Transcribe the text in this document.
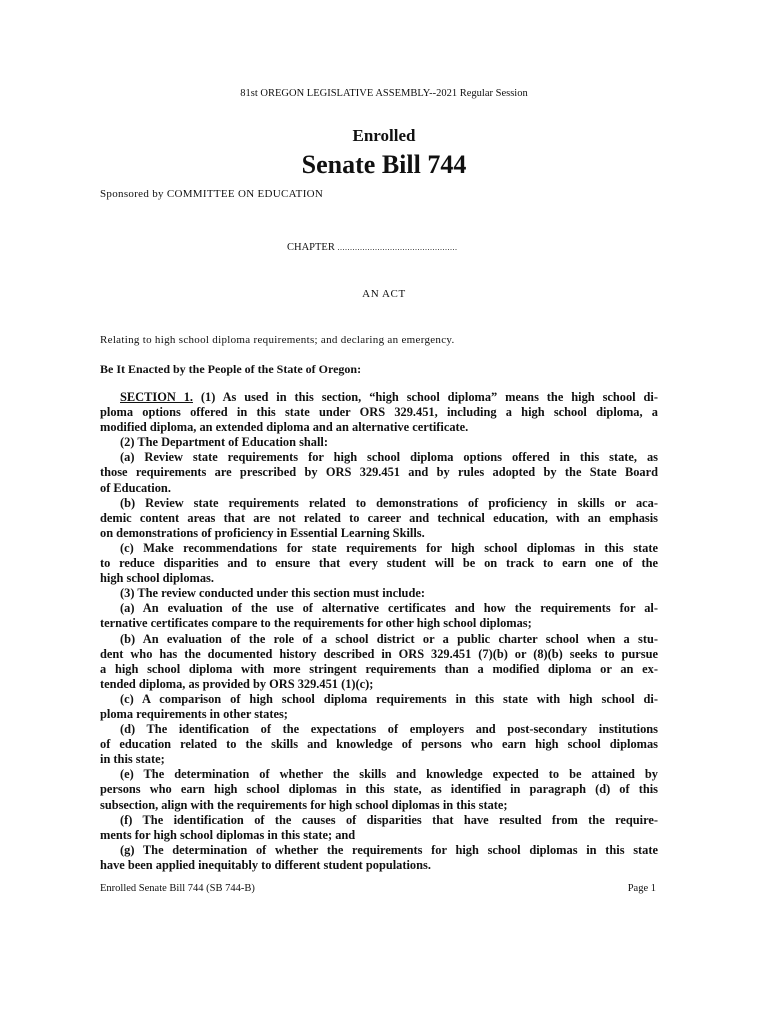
81st OREGON LEGISLATIVE ASSEMBLY--2021 Regular Session
Enrolled
Senate Bill 744
Sponsored by COMMITTEE ON EDUCATION
CHAPTER ................................................
AN ACT
Relating to high school diploma requirements; and declaring an emergency.
Be It Enacted by the People of the State of Oregon:
SECTION 1. (1) As used in this section, “high school diploma” means the high school di-
ploma options offered in this state under ORS 329.451, including a high school diploma, a
modified diploma, an extended diploma and an alternative certificate.
(2) The Department of Education shall:
(a) Review state requirements for high school diploma options offered in this state, as
those requirements are prescribed by ORS 329.451 and by rules adopted by the State Board
of Education.
(b) Review state requirements related to demonstrations of proficiency in skills or aca-
demic content areas that are not related to career and technical education, with an emphasis
on demonstrations of proficiency in Essential Learning Skills.
(c) Make recommendations for state requirements for high school diplomas in this state
to reduce disparities and to ensure that every student will be on track to earn one of the
high school diplomas.
(3) The review conducted under this section must include:
(a) An evaluation of the use of alternative certificates and how the requirements for al-
ternative certificates compare to the requirements for other high school diplomas;
(b) An evaluation of the role of a school district or a public charter school when a stu-
dent who has the documented history described in ORS 329.451 (7)(b) or (8)(b) seeks to pursue
a high school diploma with more stringent requirements than a modified diploma or an ex-
tended diploma, as provided by ORS 329.451 (1)(c);
(c) A comparison of high school diploma requirements in this state with high school di-
ploma requirements in other states;
(d) The identification of the expectations of employers and post-secondary institutions
of education related to the skills and knowledge of persons who earn high school diplomas
in this state;
(e) The determination of whether the skills and knowledge expected to be attained by
persons who earn high school diplomas in this state, as identified in paragraph (d) of this
subsection, align with the requirements for high school diplomas in this state;
(f) The identification of the causes of disparities that have resulted from the require-
ments for high school diplomas in this state; and
(g) The determination of whether the requirements for high school diplomas in this state
have been applied inequitably to different student populations.
Enrolled Senate Bill 744 (SB 744-B)	Page 1
